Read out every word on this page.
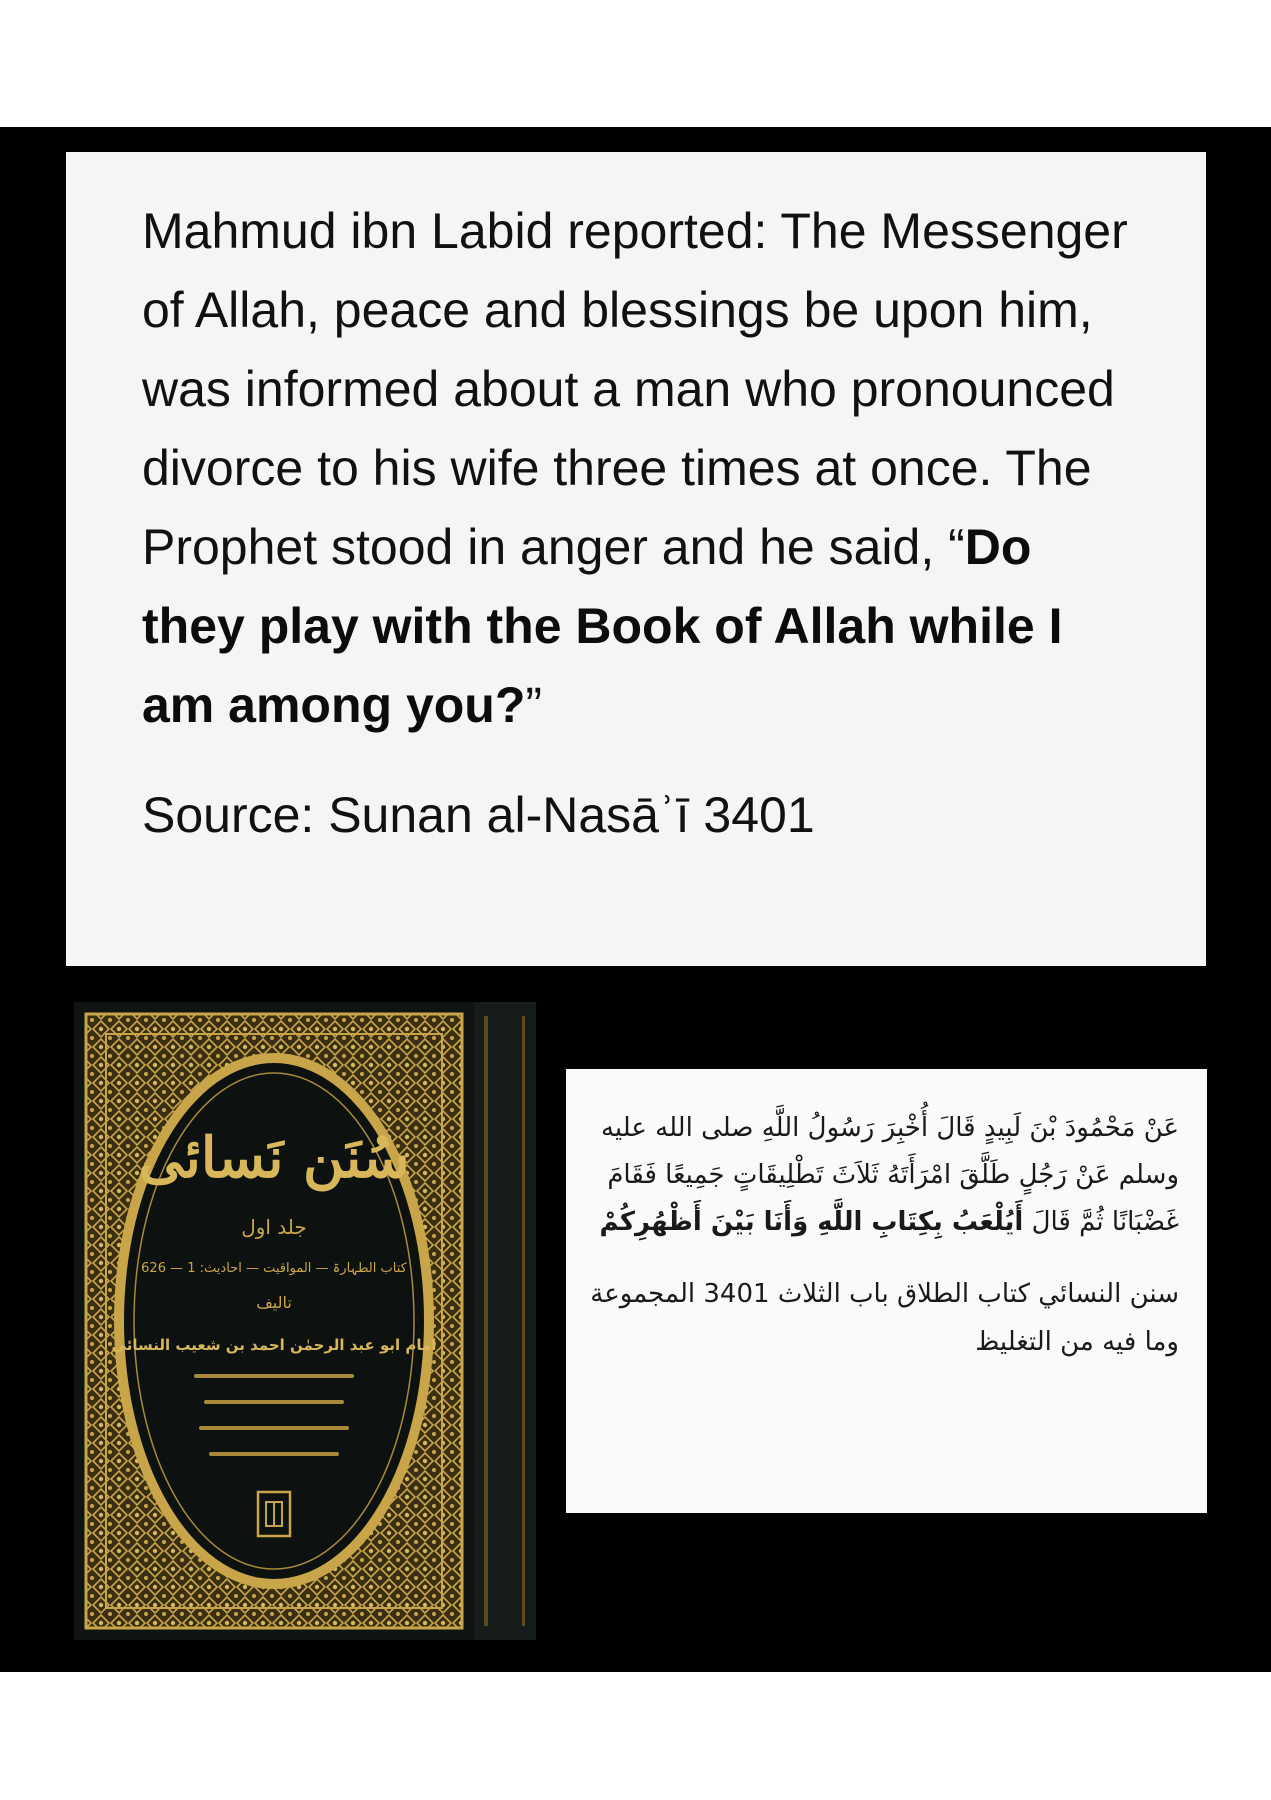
Mahmud ibn Labid reported: The Messenger of Allah, peace and blessings be upon him, was informed about a man who pronounced divorce to his wife three times at once. The Prophet stood in anger and he said, “Do they play with the Book of Allah while I am among you?”

Source: Sunan al-Nasāʾī 3401
سُنَن نَسائی
جلد اول
کتاب الطہارۃ — المواقیت — احادیث: 1 — 626
تالیف
امام ابو عبد الرحمٰن احمد بن شعیب النسائی

عَنْ مَحْمُودَ بْنَ لَبِيدٍ قَالَ أُخْبِرَ رَسُولُ اللَّهِ صلى الله عليه وسلم عَنْ رَجُلٍ طَلَّقَ امْرَأَتَهُ ثَلاَثَ تَطْلِيقَاتٍ جَمِيعًا فَقَامَ غَضْبَانًا ثُمَّ قَالَ أَيُلْعَبُ بِكِتَابِ اللَّهِ وَأَنَا بَيْنَ أَظْهُرِكُمْ

سنن النسائي كتاب الطلاق باب الثلاث 3401 المجموعة وما فيه من التغليظ
